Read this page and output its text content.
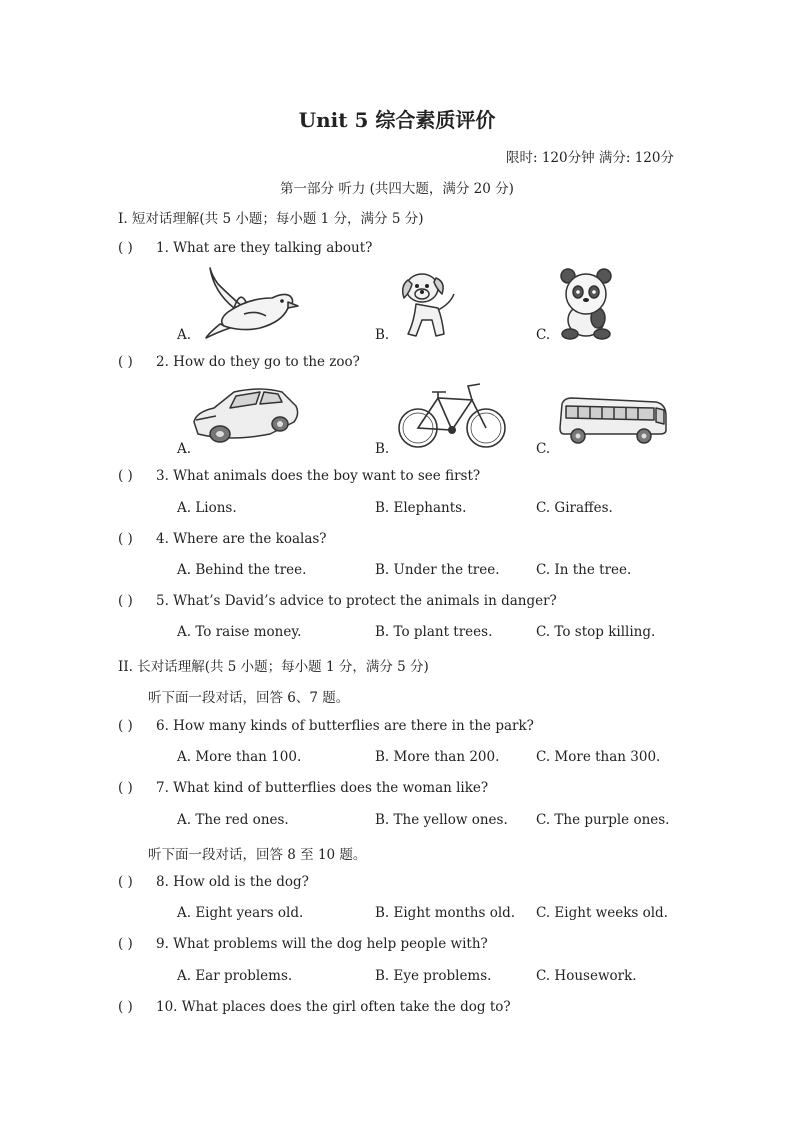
Unit 5 综合素质评价
限时: 120分钟 满分: 120分
第一部分 听力 (共四大题，满分 20 分)
I. 短对话理解(共 5 小题；每小题 1 分，满分 5 分)
( ) 1. What are they talking about?
A.	B.	C.
( ) 2. How do they go to the zoo?
A.	B.	C.
( ) 3. What animals does the boy want to see first?
A. Lions.	B. Elephants.	C. Giraffes.
( ) 4. Where are the koalas?
A. Behind the tree.	B. Under the tree.	C. In the tree.
( ) 5. What’s David’s advice to protect the animals in danger?
A. To raise money.	B. To plant trees.	C. To stop killing.
II. 长对话理解(共 5 小题；每小题 1 分，满分 5 分)
听下面一段对话，回答 6、7 题。
( ) 6. How many kinds of butterflies are there in the park?
A. More than 100.	B. More than 200.	C. More than 300.
( ) 7. What kind of butterflies does the woman like?
A. The red ones.	B. The yellow ones. C. The purple ones.
听下面一段对话，回答 8 至 10 题。
( ) 8. How old is the dog?
A. Eight years old.	B. Eight months old. C. Eight weeks old.
( ) 9. What problems will the dog help people with?
A. Ear problems.	B. Eye problems.	C. Housework.
( ) 10. What places does the girl often take the dog to?
